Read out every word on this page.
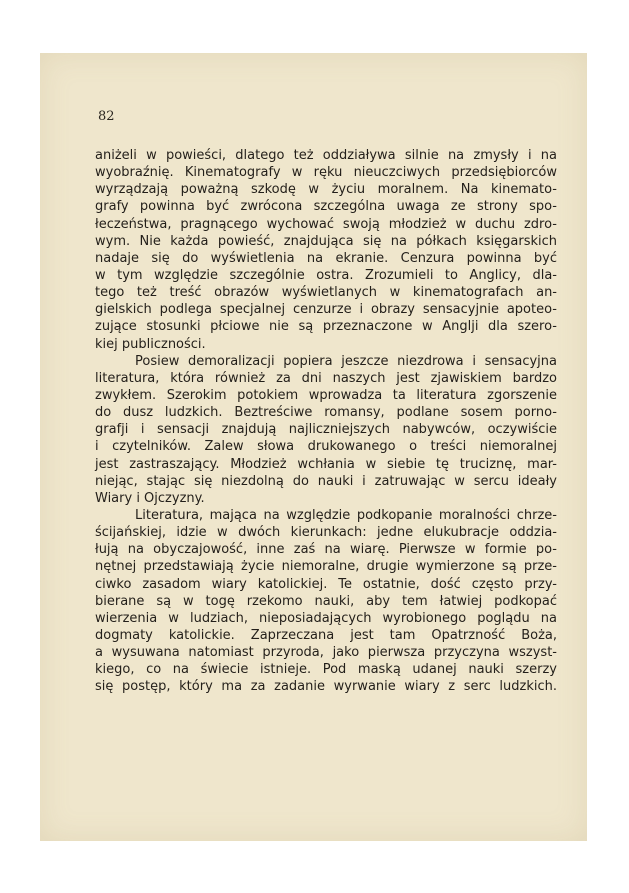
82
aniżeli w powieści, dlatego też oddziaływa silnie na zmysły i na
wyobraźnię. Kinematografy w ręku nieuczciwych przedsiębiorców
wyrządzają poważną szkodę w życiu moralnem. Na kinemato-
grafy powinna być zwrócona szczególna uwaga ze strony spo-
łeczeństwa, pragnącego wychować swoją młodzież w duchu zdro-
wym. Nie każda powieść, znajdująca się na półkach księgarskich
nadaje się do wyświetlenia na ekranie. Cenzura powinna być
w tym względzie szczególnie ostra. Zrozumieli to Anglicy, dla-
tego też treść obrazów wyświetlanych w kinematografach an-
gielskich podlega specjalnej cenzurze i obrazy sensacyjnie apoteo-
zujące stosunki płciowe nie są przeznaczone w Anglji dla szero-
kiej publiczności.
Posiew demoralizacji popiera jeszcze niezdrowa i sensacyjna
literatura, która również za dni naszych jest zjawiskiem bardzo
zwykłem. Szerokim potokiem wprowadza ta literatura zgorszenie
do dusz ludzkich. Beztreściwe romansy, podlane sosem porno-
grafji i sensacji znajdują najliczniejszych nabywców, oczywiście
i czytelników. Zalew słowa drukowanego o treści niemoralnej
jest zastraszający. Młodzież wchłania w siebie tę truciznę, mar-
niejąc, stając się niezdolną do nauki i zatruwając w sercu ideały
Wiary i Ojczyzny.
Literatura, mająca na względzie podkopanie moralności chrze-
ścijańskiej, idzie w dwóch kierunkach: jedne elukubracje oddzia-
łują na obyczajowość, inne zaś na wiarę. Pierwsze w formie po-
nętnej przedstawiają życie niemoralne, drugie wymierzone są prze-
ciwko zasadom wiary katolickiej. Te ostatnie, dość często przy-
bierane są w togę rzekomo nauki, aby tem łatwiej podkopać
wierzenia w ludziach, nieposiadających wyrobionego poglądu na
dogmaty katolickie. Zaprzeczana jest tam Opatrzność Boża,
a wysuwana natomiast przyroda, jako pierwsza przyczyna wszyst-
kiego, co na świecie istnieje. Pod maską udanej nauki szerzy
się postęp, który ma za zadanie wyrwanie wiary z serc ludzkich.
